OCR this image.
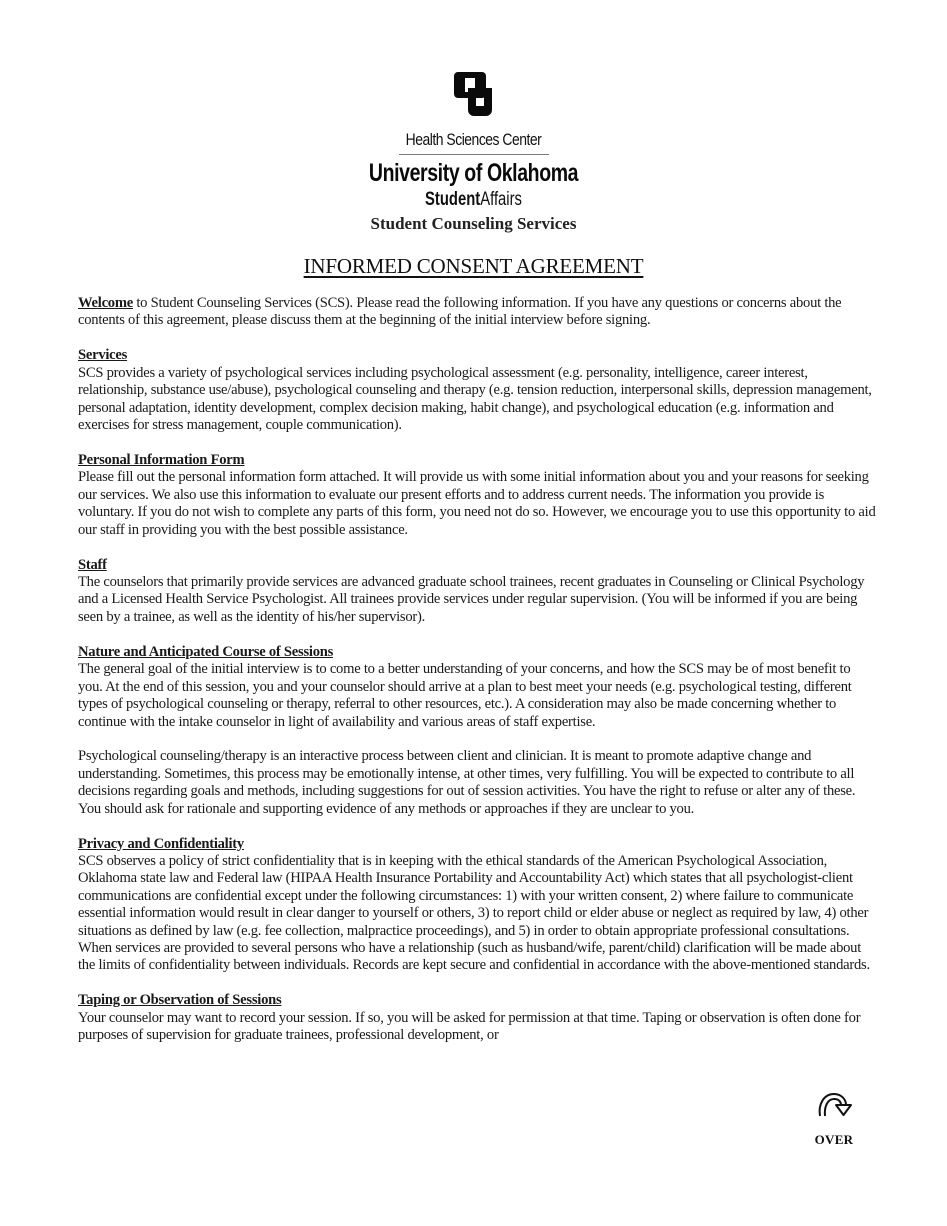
Health Sciences Center
University of Oklahoma
StudentAffairs
Student Counseling Services
INFORMED CONSENT AGREEMENT

Welcome to Student Counseling Services (SCS). Please read the following information. If you have any questions or concerns about the contents of this agreement, please discuss them at the beginning of the initial interview before signing.

Services

SCS provides a variety of psychological services including psychological assessment (e.g. personality, intelligence, career interest, relationship, substance use/abuse), psychological counseling and therapy (e.g. tension reduction, interpersonal skills, depression management, personal adaptation, identity development, complex decision making, habit change), and psychological education (e.g. information and exercises for stress management, couple communication).

Personal Information Form

Please fill out the personal information form attached. It will provide us with some initial information about you and your reasons for seeking our services. We also use this information to evaluate our present efforts and to address current needs. The information you provide is voluntary. If you do not wish to complete any parts of this form, you need not do so. However, we encourage you to use this opportunity to aid our staff in providing you with the best possible assistance.

Staff

The counselors that primarily provide services are advanced graduate school trainees, recent graduates in Counseling or Clinical Psychology and a Licensed Health Service Psychologist. All trainees provide services under regular supervision. (You will be informed if you are being seen by a trainee, as well as the identity of his/her supervisor).

Nature and Anticipated Course of Sessions

The general goal of the initial interview is to come to a better understanding of your concerns, and how the SCS may be of most benefit to you. At the end of this session, you and your counselor should arrive at a plan to best meet your needs (e.g. psychological testing, different types of psychological counseling or therapy, referral to other resources, etc.). A consideration may also be made concerning whether to continue with the intake counselor in light of availability and various areas of staff expertise.

Psychological counseling/therapy is an interactive process between client and clinician. It is meant to promote adaptive change and understanding. Sometimes, this process may be emotionally intense, at other times, very fulfilling. You will be expected to contribute to all decisions regarding goals and methods, including suggestions for out of session activities. You have the right to refuse or alter any of these. You should ask for rationale and supporting evidence of any methods or approaches if they are unclear to you.

Privacy and Confidentiality

SCS observes a policy of strict confidentiality that is in keeping with the ethical standards of the American Psychological Association, Oklahoma state law and Federal law (HIPAA Health Insurance Portability and Accountability Act) which states that all psychologist-client communications are confidential except under the following circumstances: 1) with your written consent, 2) where failure to communicate essential information would result in clear danger to yourself or others, 3) to report child or elder abuse or neglect as required by law, 4) other situations as defined by law (e.g. fee collection, malpractice proceedings), and 5) in order to obtain appropriate professional consultations. When services are provided to several persons who have a relationship (such as husband/wife, parent/child) clarification will be made about the limits of confidentiality between individuals. Records are kept secure and confidential in accordance with the above-mentioned standards.

Taping or Observation of Sessions

Your counselor may want to record your session. If so, you will be asked for permission at that time. Taping or observation is often done for purposes of supervision for graduate trainees, professional development, or

OVER
